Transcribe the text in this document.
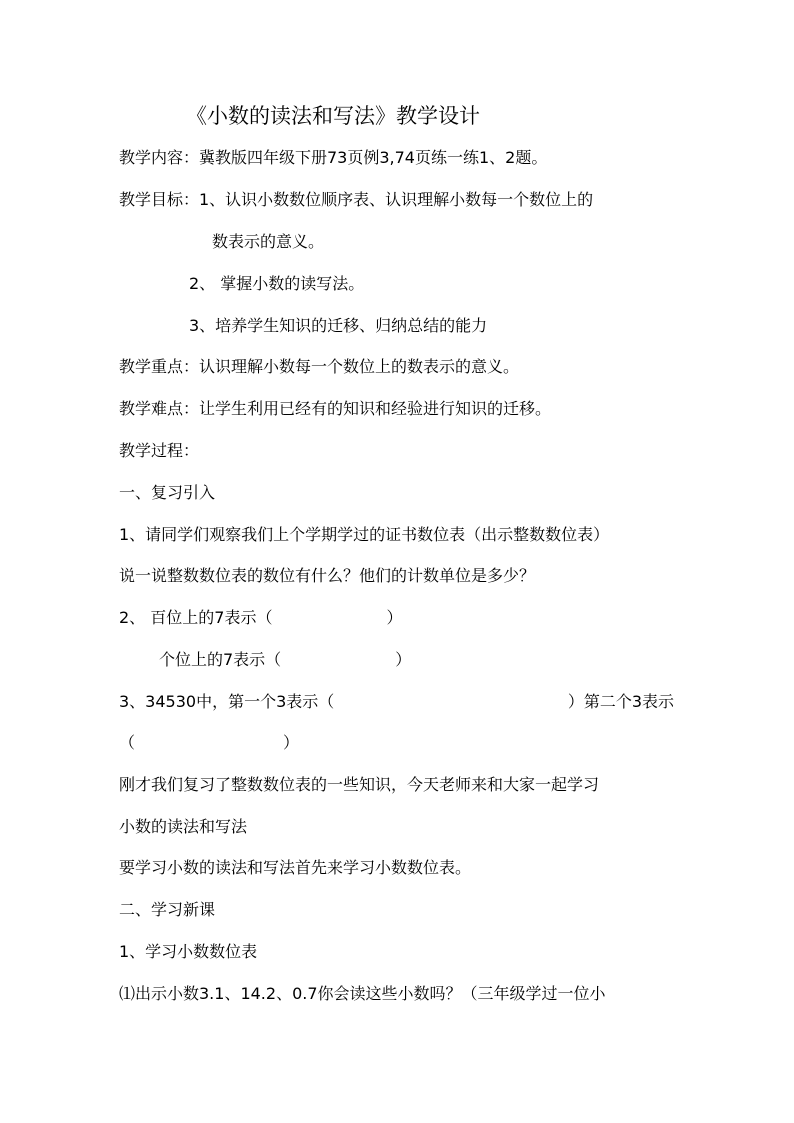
《小数的读法和写法》教学设计
教学内容：冀教版四年级下册73页例3,74页练一练1、2题。
教学目标：1、认识小数数位顺序表、认识理解小数每一个数位上的
数表示的意义。
2、 掌握小数的读写法。
3、培养学生知识的迁移、归纳总结的能力
教学重点：认识理解小数每一个数位上的数表示的意义。
教学难点：让学生利用已经有的知识和经验进行知识的迁移。
教学过程：
一、复习引入
1、请同学们观察我们上个学期学过的证书数位表（出示整数数位表）
说一说整数数位表的数位有什么？他们的计数单位是多少？
2、 百位上的7表示（	）
个位上的7表示（	）
3、34530中，第一个3表示（	）第二个3表示
（	）
刚才我们复习了整数数位表的一些知识，今天老师来和大家一起学习
小数的读法和写法
要学习小数的读法和写法首先来学习小数数位表。
二、学习新课
1、学习小数数位表
⑴出示小数3.1、14.2、0.7你会读这些小数吗？（三年级学过一位小
